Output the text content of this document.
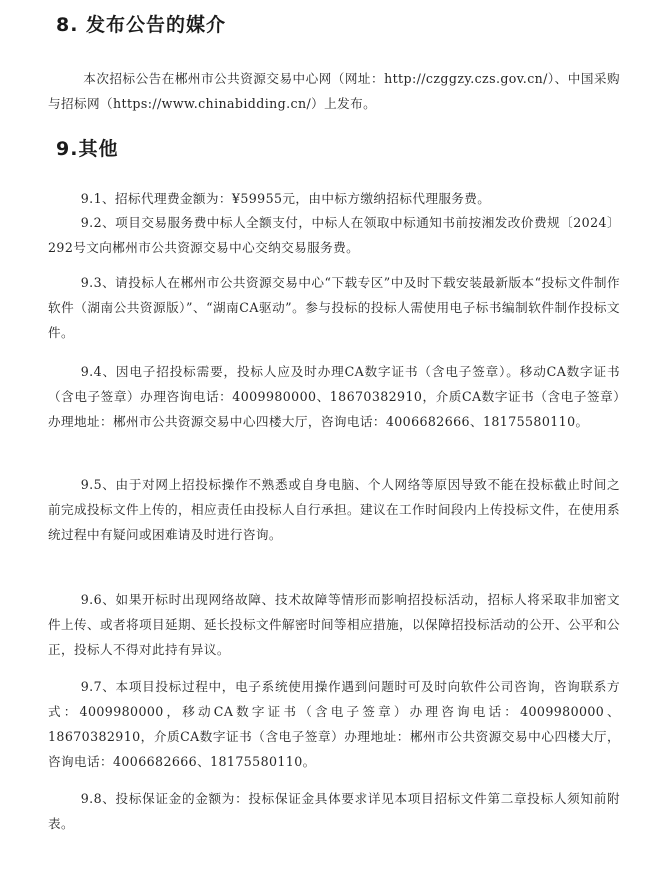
8. 发布公告的媒介

本次招标公告在郴州市公共资源交易中心网（网址：http://czggzy.czs.gov.cn/）、中国采购与招标网（https://www.chinabidding.cn/）上发布。

9.其他

9.1、招标代理费金额为：¥59955元，由中标方缴纳招标代理服务费。

9.2、项目交易服务费中标人全额支付，中标人在领取中标通知书前按湘发改价费规〔2024〕292号文向郴州市公共资源交易中心交纳交易服务费。

9.3、请投标人在郴州市公共资源交易中心“下载专区”中及时下载安装最新版本“投标文件制作软件（湖南公共资源版）”、“湖南CA驱动”。参与投标的投标人需使用电子标书编制软件制作投标文件。

9.4、因电子招投标需要，投标人应及时办理CA数字证书（含电子签章）。移动CA数字证书（含电子签章）办理咨询电话：4009980000、18670382910，介质CA数字证书（含电子签章）办理地址：郴州市公共资源交易中心四楼大厅，咨询电话：4006682666、18175580110。

9.5、由于对网上招投标操作不熟悉或自身电脑、个人网络等原因导致不能在投标截止时间之前完成投标文件上传的，相应责任由投标人自行承担。建议在工作时间段内上传投标文件，在使用系统过程中有疑问或困难请及时进行咨询。

9.6、如果开标时出现网络故障、技术故障等情形而影响招投标活动，招标人将采取非加密文件上传、或者将项目延期、延长投标文件解密时间等相应措施，以保障招投标活动的公开、公平和公正，投标人不得对此持有异议。

9.7、本项目投标过程中，电子系统使用操作遇到问题时可及时向软件公司咨询，咨询联系方式：4009980000，移动CA数字证书（含电子签章）办理咨询电话：4009980000、18670382910，介质CA数字证书（含电子签章）办理地址：郴州市公共资源交易中心四楼大厅，咨询电话：4006682666、18175580110。

9.8、投标保证金的金额为：投标保证金具体要求详见本项目招标文件第二章投标人须知前附表。
